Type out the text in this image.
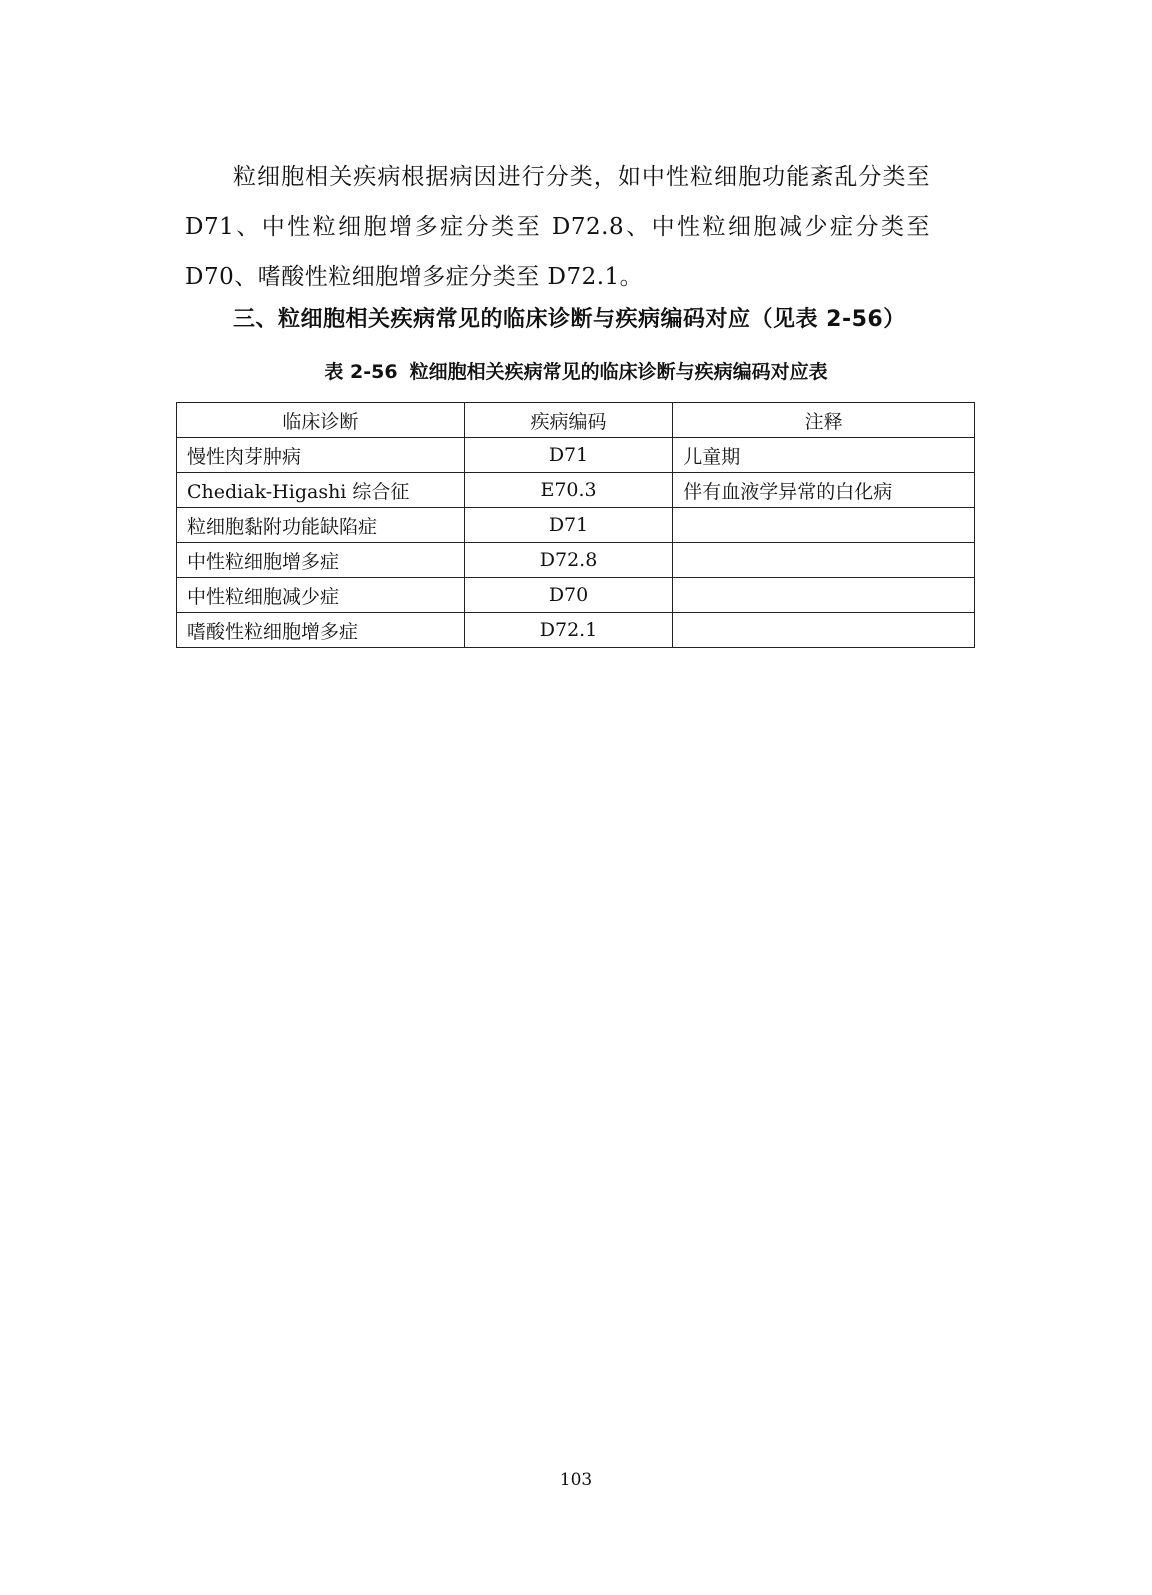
粒细胞相关疾病根据病因进行分类，如中性粒细胞功能紊乱分类至 D71、中性粒细胞增多症分类至 D72.8、中性粒细胞减少症分类至 D70、嗜酸性粒细胞增多症分类至 D72.1。

三、粒细胞相关疾病常见的临床诊断与疾病编码对应（见表 2-56）

表 2-56 粒细胞相关疾病常见的临床诊断与疾病编码对应表

临床诊断	疾病编码	注释
慢性肉芽肿病	D71	儿童期
Chediak-Higashi 综合征	E70.3	伴有血液学异常的白化病
粒细胞黏附功能缺陷症	D71	
中性粒细胞增多症	D72.8	
中性粒细胞减少症	D70	
嗜酸性粒细胞增多症	D72.1	

103
